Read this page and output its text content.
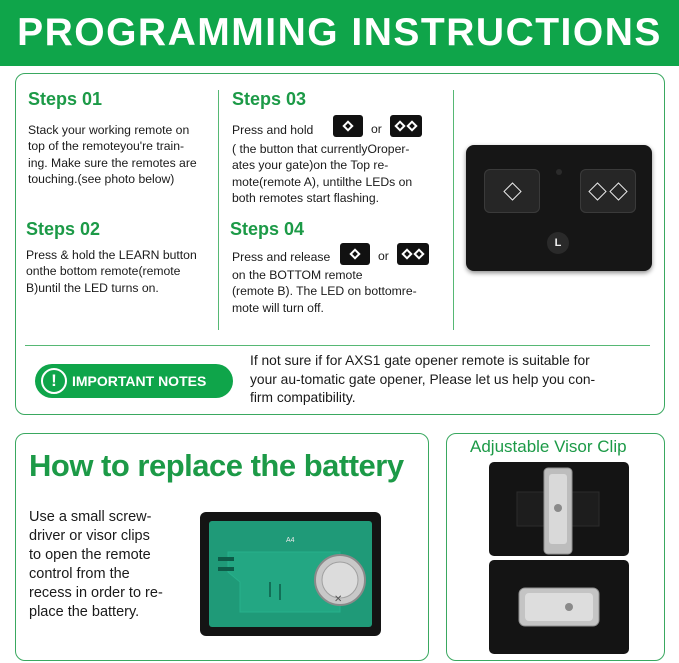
PROGRAMMING INSTRUCTIONS
Steps 01
Stack your working remote on
top of the remoteyou're train-
ing. Make sure the remotes are
touching.(see photo below)
Steps 02
Press & hold the LEARN button
onthe bottom remote(remote
B)until the LED turns on.
Steps 03
Press and hold	or
( the button that currentlyOroper-
ates your gate)on the Top re-
mote(remote A), untilthe LEDs on
both remotes start flashing.
Steps 04
Press and release	or
on the BOTTOM remote
(remote B). The LED on bottomre-
mote will turn off.
L
!	IMPORTANT NOTES
If not sure if for AXS1 gate opener remote is suitable for
your au-tomatic gate opener, Please let us help you con-
firm compatibility.
How to replace the battery
Use a small screw-
driver or visor clips
to open the remote
control from the
recess in order to re-
place the battery.
A4
✕
Adjustable Visor Clip
